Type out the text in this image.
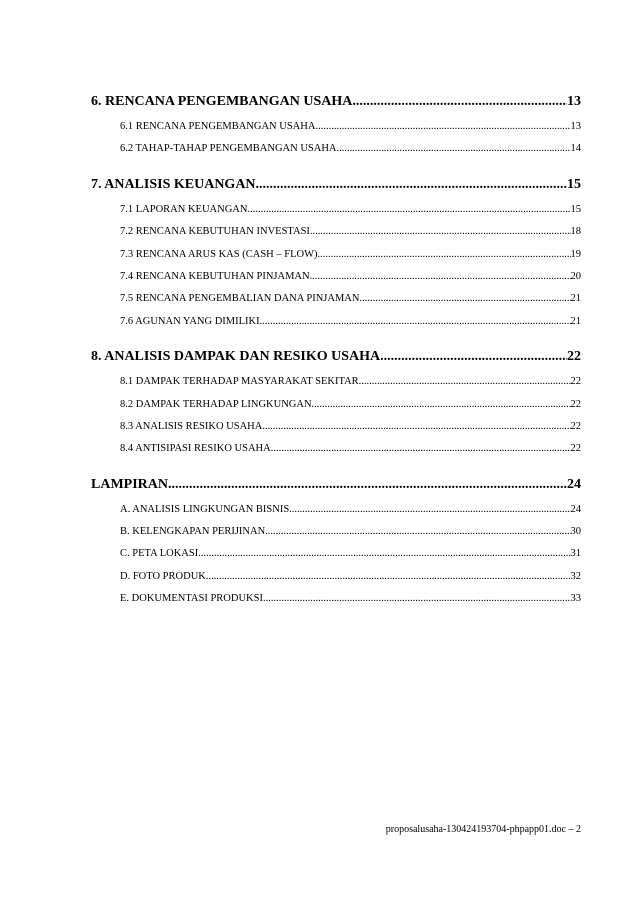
6. RENCANA PENGEMBANGAN USAHA .....	13
6.1 RENCANA PENGEMBANGAN USAHA .....	13
6.2 TAHAP-TAHAP PENGEMBANGAN USAHA .....	14
7. ANALISIS KEUANGAN .....	15
7.1 LAPORAN KEUANGAN .....	15
7.2 RENCANA KEBUTUHAN INVESTASI .....	18
7.3 RENCANA ARUS KAS (CASH – FLOW) .....	19
7.4 RENCANA KEBUTUHAN PINJAMAN .....	20
7.5 RENCANA PENGEMBALIAN DANA PINJAMAN .....	21
7.6 AGUNAN YANG DIMILIKI .....	21
8. ANALISIS DAMPAK DAN RESIKO USAHA .....	22
8.1 DAMPAK TERHADAP MASYARAKAT SEKITAR .....	22
8.2 DAMPAK TERHADAP LINGKUNGAN .....	22
8.3 ANALISIS RESIKO USAHA .....	22
8.4 ANTISIPASI RESIKO USAHA .....	22
LAMPIRAN .....	24
A. ANALISIS LINGKUNGAN BISNIS .....	24
B. KELENGKAPAN PERIJINAN .....	30
C. PETA LOKASI .....	31
D. FOTO PRODUK .....	32
E. DOKUMENTASI PRODUKSI .....	33
proposalusaha-130424193704-phpapp01.doc – 2
